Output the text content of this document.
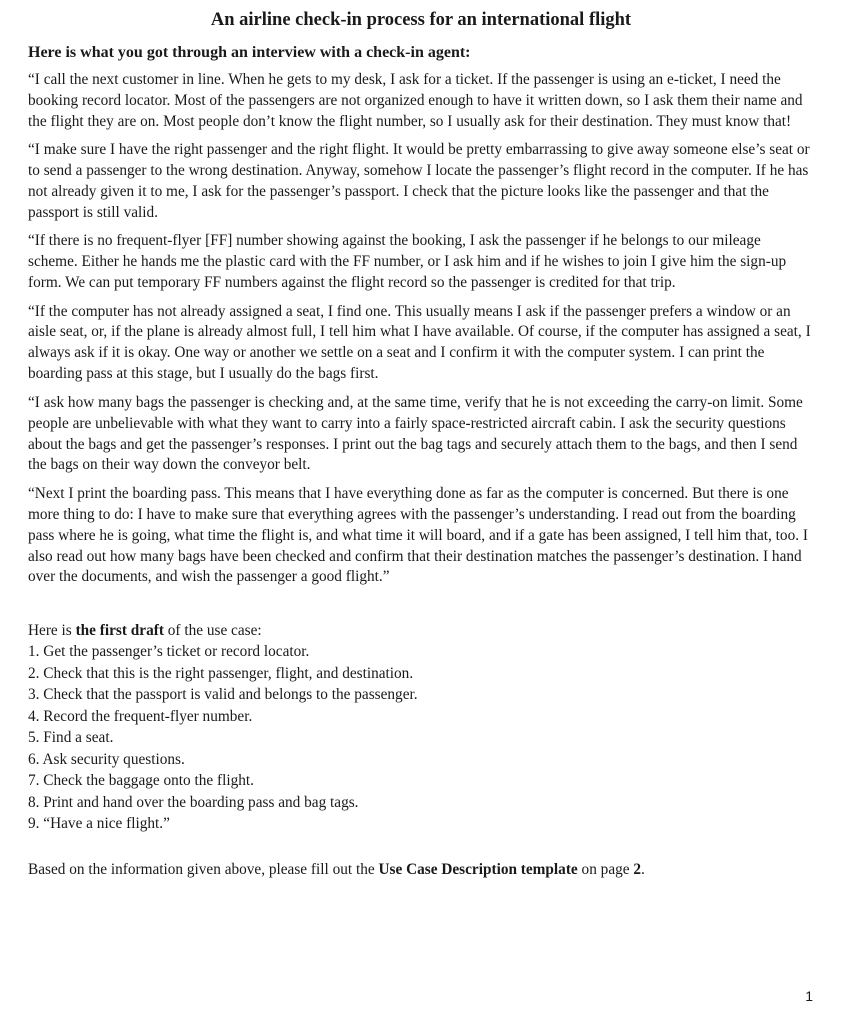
An airline check-in process for an international flight

Here is what you got through an interview with a check-in agent:

“I call the next customer in line. When he gets to my desk, I ask for a ticket. If the passenger is using an e-ticket, I need the booking record locator. Most of the passengers are not organized enough to have it written down, so I ask them their name and the flight they are on. Most people don’t know the flight number, so I usually ask for their destination. They must know that!

“I make sure I have the right passenger and the right flight. It would be pretty embarrassing to give away someone else’s seat or to send a passenger to the wrong destination. Anyway, somehow I locate the passenger’s flight record in the computer. If he has not already given it to me, I ask for the passenger’s passport. I check that the picture looks like the passenger and that the passport is still valid.

“If there is no frequent-flyer [FF] number showing against the booking, I ask the passenger if he belongs to our mileage scheme. Either he hands me the plastic card with the FF number, or I ask him and if he wishes to join I give him the sign-up form. We can put temporary FF numbers against the flight record so the passenger is credited for that trip.

“If the computer has not already assigned a seat, I find one. This usually means I ask if the passenger prefers a window or an aisle seat, or, if the plane is already almost full, I tell him what I have available. Of course, if the computer has assigned a seat, I always ask if it is okay. One way or another we settle on a seat and I confirm it with the computer system. I can print the boarding pass at this stage, but I usually do the bags first.

“I ask how many bags the passenger is checking and, at the same time, verify that he is not exceeding the carry-on limit. Some people are unbelievable with what they want to carry into a fairly space-restricted aircraft cabin. I ask the security questions about the bags and get the passenger’s responses. I print out the bag tags and securely attach them to the bags, and then I send the bags on their way down the conveyor belt.

“Next I print the boarding pass. This means that I have everything done as far as the computer is concerned. But there is one more thing to do: I have to make sure that everything agrees with the passenger’s understanding. I read out from the boarding pass where he is going, what time the flight is, and what time it will board, and if a gate has been assigned, I tell him that, too. I also read out how many bags have been checked and confirm that their destination matches the passenger’s destination. I hand over the documents, and wish the passenger a good flight.”

Here is the first draft of the use case:

1. Get the passenger’s ticket or record locator.
2. Check that this is the right passenger, flight, and destination.
3. Check that the passport is valid and belongs to the passenger.
4. Record the frequent-flyer number.
5. Find a seat.
6. Ask security questions.
7. Check the baggage onto the flight.
8. Print and hand over the boarding pass and bag tags.
9. “Have a nice flight.”

Based on the information given above, please fill out the Use Case Description template on page 2.

1
